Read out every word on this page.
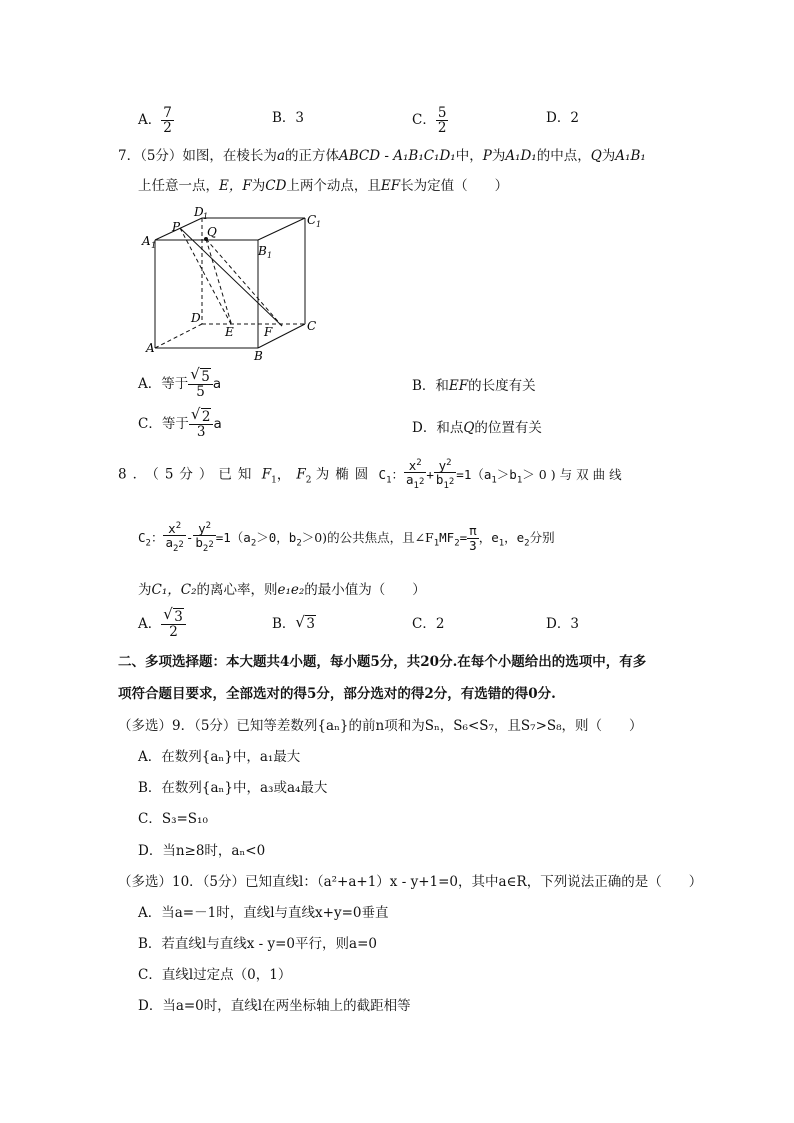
A． $\frac{7}{2}$	B．3	C． $\frac{5}{2}$	D．2
7．（5分）如图，在棱长为a的正方体ABCD - A₁B₁C₁D₁中，P为A₁D₁的中点，Q为A₁B₁
上任意一点，E，F为CD上两个动点，且EF长为定值（　　）
A 1
P
D 1
Q
C 1
B 1
D
E	F	C
A
B
A．等于 $\frac{√ 5}{5}$ a	B．和EF的长度有关
C．等于 $\frac{√ 2}{3}$ a	D．和点Q的位置有关
8．（5分）已知 $F_1$， $F_2$ 为椭圆 $C_1$： $\frac{x^2}{a_{1^2}} + \frac{y^2}{b_{1^2}} =1(a_1>b_1>0)$与双曲线
$C_2$： $\frac{x^2}{a_{2^2}} - \frac{y^2}{b_{2^2}} =1(a_2>0$，$b_2>0$)的公共焦点，且$\angle F_1MF_2= \frac{\pi}{3}$ ，$e_1$，$e_2$分别
为C₁，C₂的离心率，则e₁e₂的最小值为（　　）
A． $\frac{√ 3}{2}$	B． √ 3	C．2	D．3
二、多项选择题：本大题共4小题，每小题5分，共20分.在每个小题给出的选项中，有多
项符合题目要求，全部选对的得5分，部分选对的得2分，有选错的得0分.
（多选）9．（5分）已知等差数列{aₙ}的前n项和为Sₙ，S₆<S₇，且S₇>S₈，则（　　）
A．在数列{aₙ}中，a₁最大
B．在数列{aₙ}中，a₃或a₄最大
C．S₃=S₁₀
D．当n≥8时，aₙ<0
（多选）10．（5分）已知直线l：（a²+a+1）x - y+1=0，其中a∈R，下列说法正确的是（　　）
A．当a=－1时，直线l与直线x+y=0垂直
B．若直线l与直线x - y=0平行，则a=0
C．直线l过定点（0，1）
D．当a=0时，直线l在两坐标轴上的截距相等
